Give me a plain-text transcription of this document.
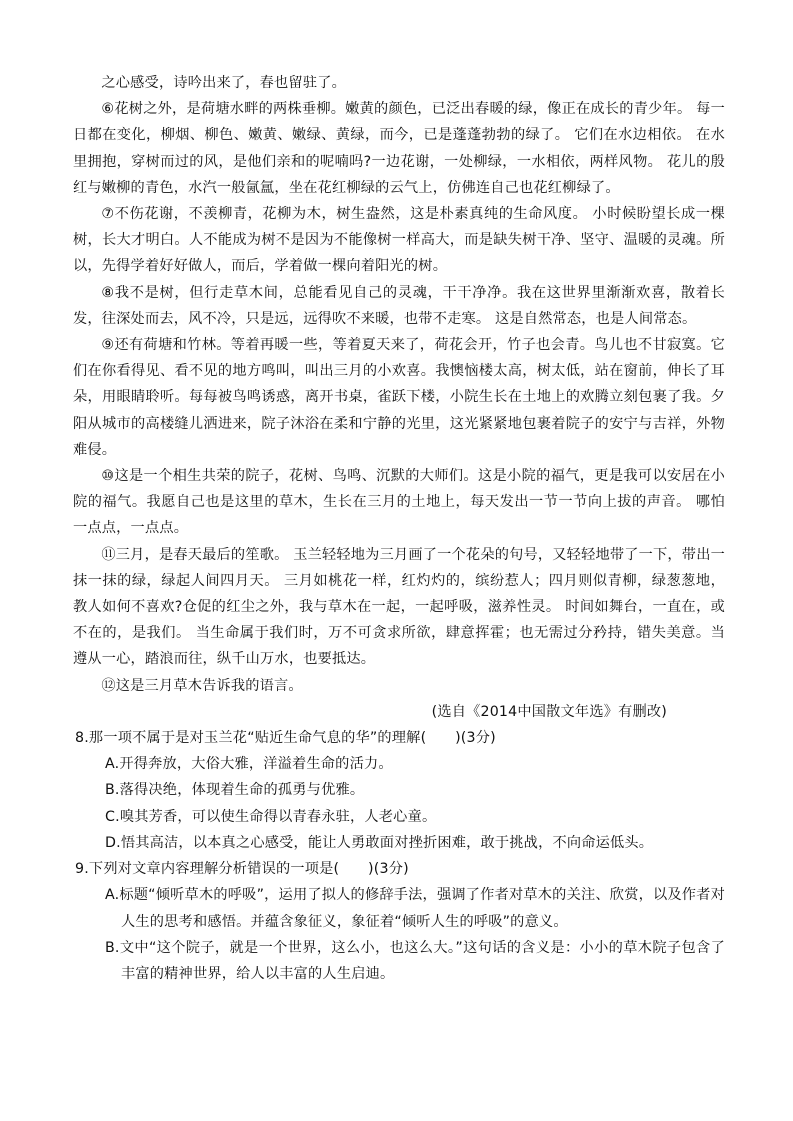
之心感受，诗吟出来了，春也留驻了。

⑥花树之外，是荷塘水畔的两株垂柳。嫩黄的颜色，已泛出春暖的绿，像正在成长的青少年。 每一日都在变化，柳烟、柳色、嫩黄、嫩绿、黄绿，而今，已是蓬蓬勃勃的绿了。 它们在水边相依。 在水里拥抱，穿树而过的风，是他们亲和的呢喃吗?一边花谢，一处柳绿，一水相依，两样风物。 花儿的殷红与嫩柳的青色，水汽一般氤氲，坐在花红柳绿的云气上，仿佛连自己也花红柳绿了。

⑦不伤花谢，不羡柳青，花柳为木，树生盎然，这是朴素真纯的生命风度。 小时候盼望长成一棵树，长大才明白。人不能成为树不是因为不能像树一样高大，而是缺失树干净、坚守、温暖的灵魂。所以，先得学着好好做人，而后，学着做一棵向着阳光的树。

⑧我不是树，但行走草木间，总能看见自己的灵魂，干干净净。我在这世界里渐渐欢喜，散着长发，往深处而去，风不冷，只是远，远得吹不来暖，也带不走寒。 这是自然常态，也是人间常态。

⑨还有荷塘和竹林。等着再暖一些，等着夏天来了，荷花会开，竹子也会青。鸟儿也不甘寂寞。它们在你看得见、看不见的地方鸣叫，叫出三月的小欢喜。我懊恼楼太高，树太低，站在窗前，伸长了耳朵，用眼睛聆听。每每被鸟鸣诱惑，离开书桌，雀跃下楼，小院生长在土地上的欢腾立刻包裹了我。夕阳从城市的高楼缝儿洒进来，院子沐浴在柔和宁静的光里，这光紧紧地包裹着院子的安宁与吉祥，外物难侵。

⑩这是一个相生共荣的院子，花树、鸟鸣、沉默的大师们。这是小院的福气，更是我可以安居在小院的福气。我愿自己也是这里的草木，生长在三月的土地上，每天发出一节一节向上拔的声音。 哪怕一点点，一点点。

⑪三月，是春天最后的笙歌。 玉兰轻轻地为三月画了一个花朵的句号，又轻轻地带了一下，带出一抹一抹的绿，绿起人间四月天。 三月如桃花一样，红灼灼的，缤纷惹人；四月则似青柳，绿葱葱地，教人如何不喜欢?仓促的红尘之外，我与草木在一起，一起呼吸，滋养性灵。 时间如舞台，一直在，或不在的，是我们。 当生命属于我们时，万不可贪求所欲，肆意挥霍；也无需过分矜持，错失美意。当遵从一心，踏浪而往，纵千山万水，也要抵达。

⑫这是三月草木告诉我的语言。

(选自《2014中国散文年选》有删改)

8.那一项不属于是对玉兰花“贴近生命气息的华”的理解(　　)(3分)

A.开得奔放，大俗大雅，洋溢着生命的活力。

B.落得决绝，体现着生命的孤勇与优雅。

C.嗅其芳香，可以使生命得以青春永驻，人老心童。

D.悟其高洁，以本真之心感受，能让人勇敢面对挫折困难，敢于挑战，不向命运低头。

9.下列对文章内容理解分析错误的一项是(　　)(3分)

A.标题“倾听草木的呼吸”，运用了拟人的修辞手法，强调了作者对草木的关注、欣赏，以及作者对人生的思考和感悟。并蕴含象征义，象征着“倾听人生的呼吸”的意义。

B.文中“这个院子，就是一个世界，这么小，也这么大。”这句话的含义是：小小的草木院子包含了丰富的精神世界，给人以丰富的人生启迪。
